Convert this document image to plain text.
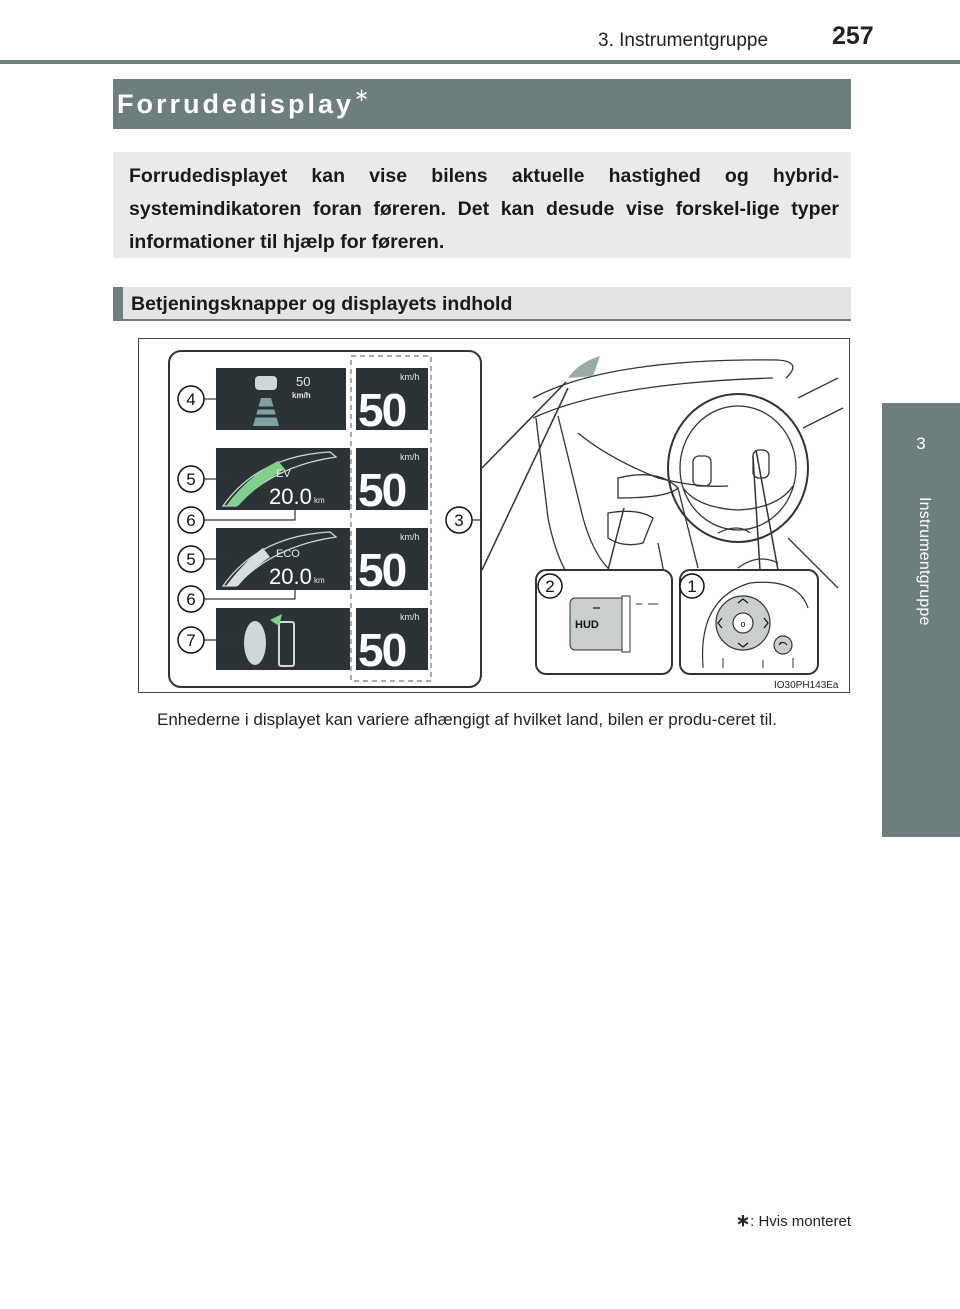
3. Instrumentgruppe	257
3
Instrumentgruppe
Forrudedisplay∗
Forrudedisplayet kan vise bilens aktuelle hastighed og hybrid-systemindikatoren foran føreren. Det kan desude vise forskel-lige typer informationer til hjælp for føreren.
Betjeningsknapper og displayets indhold
50
km/h
km/h
50
EV
20.0 km
km/h
50
ECO
20.0 km
km/h
50
km/h
50
4
5
6
5
6
7
3
HUD
2
o
1
IO30PH143Ea
Enhederne i displayet kan variere afhængigt af hvilket land, bilen er produ-ceret til.
∗: Hvis monteret
